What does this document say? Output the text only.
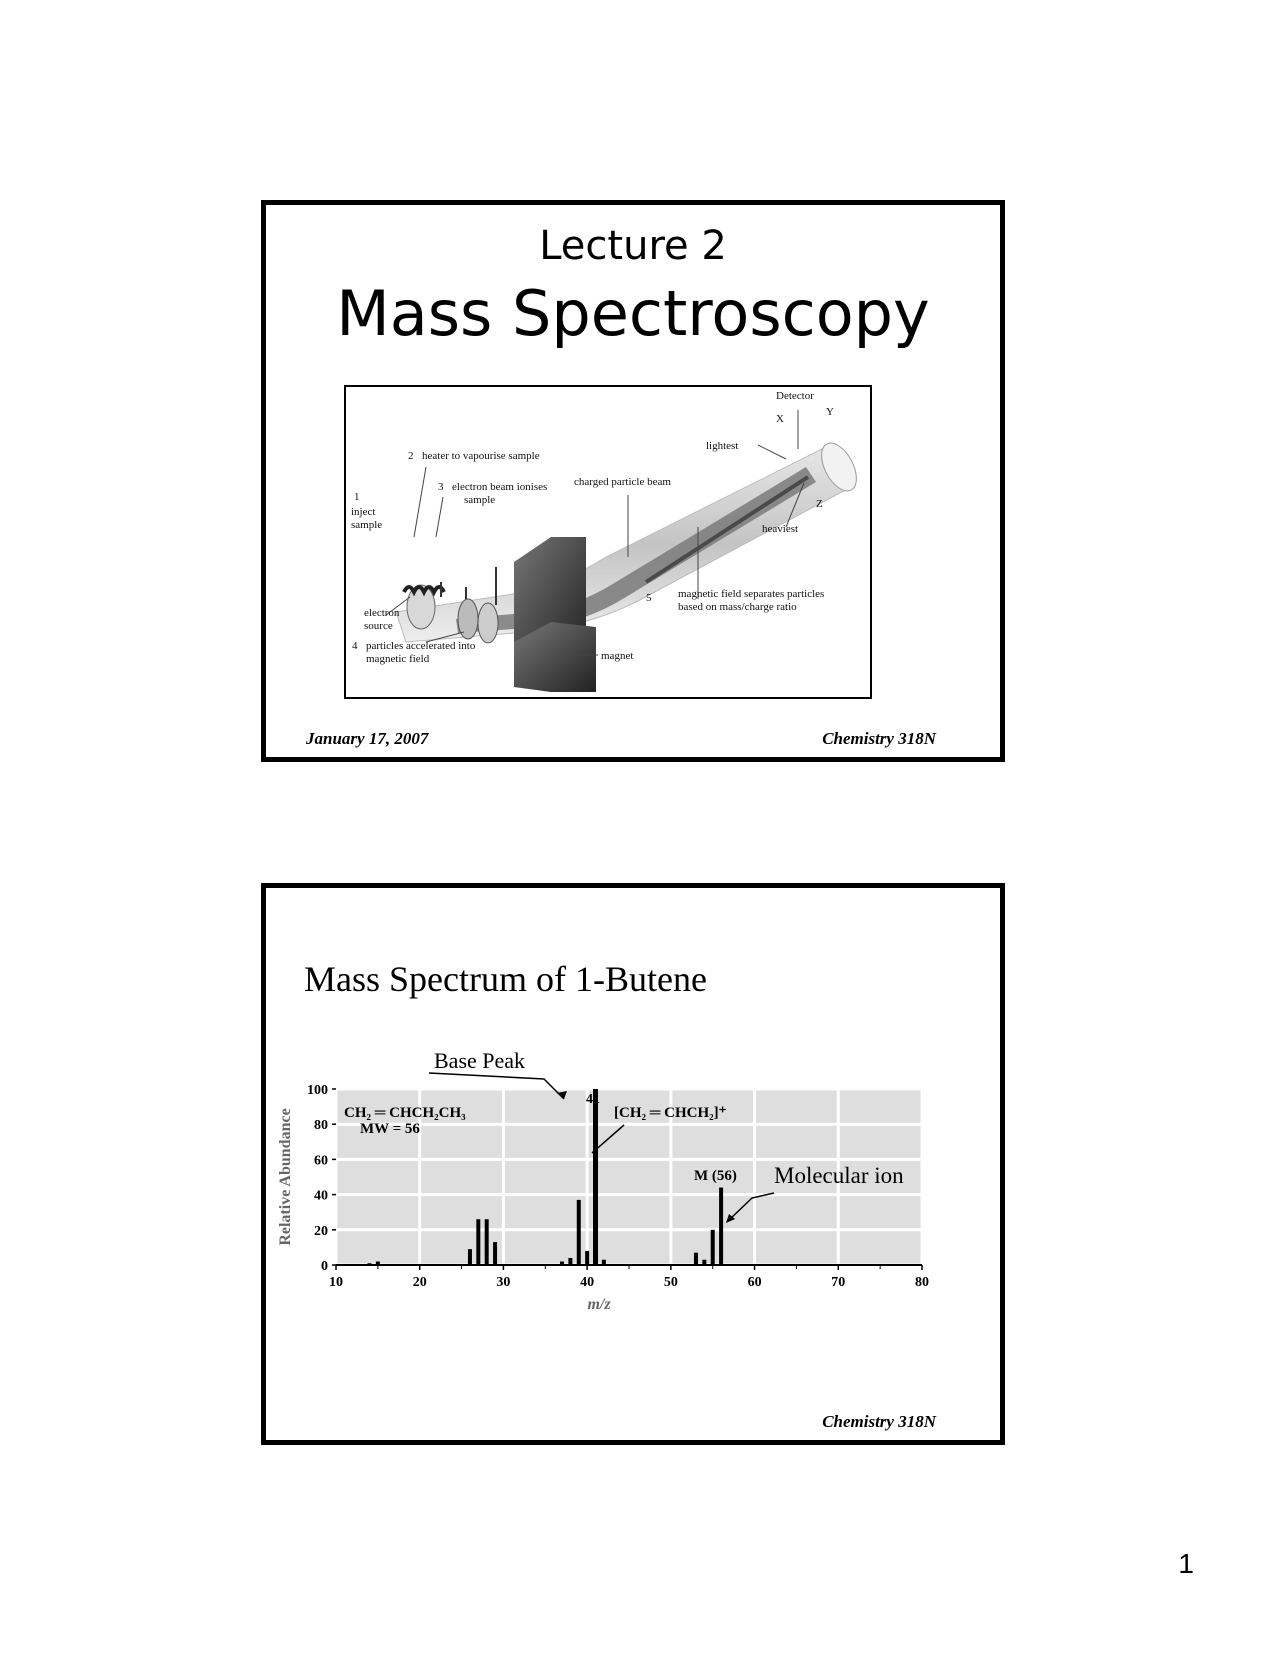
Lecture 2
Mass Spectroscopy
Detector
X
Y
Z
lightest
heaviest
2 heater to vapourise sample
1
inject
sample
3 electron beam ionises
sample
charged particle beam
5 magnetic field separates particles
based on mass/charge ratio
electron
source
4 particles accelerated into
magnetic field	magnet
January 17, 2007	Chemistry 318N
Mass Spectrum of 1-Butene
10	20	30	40	50	60	70	80
0
20
40
60
80
100
m/z
Relative Abundance
Base Peak
CH₂ ═ CHCH₂CH₃
MW = 56
41
[CH₂ ═ CHCH₂]⁺
M (56) Molecular ion
Chemistry 318N
1
